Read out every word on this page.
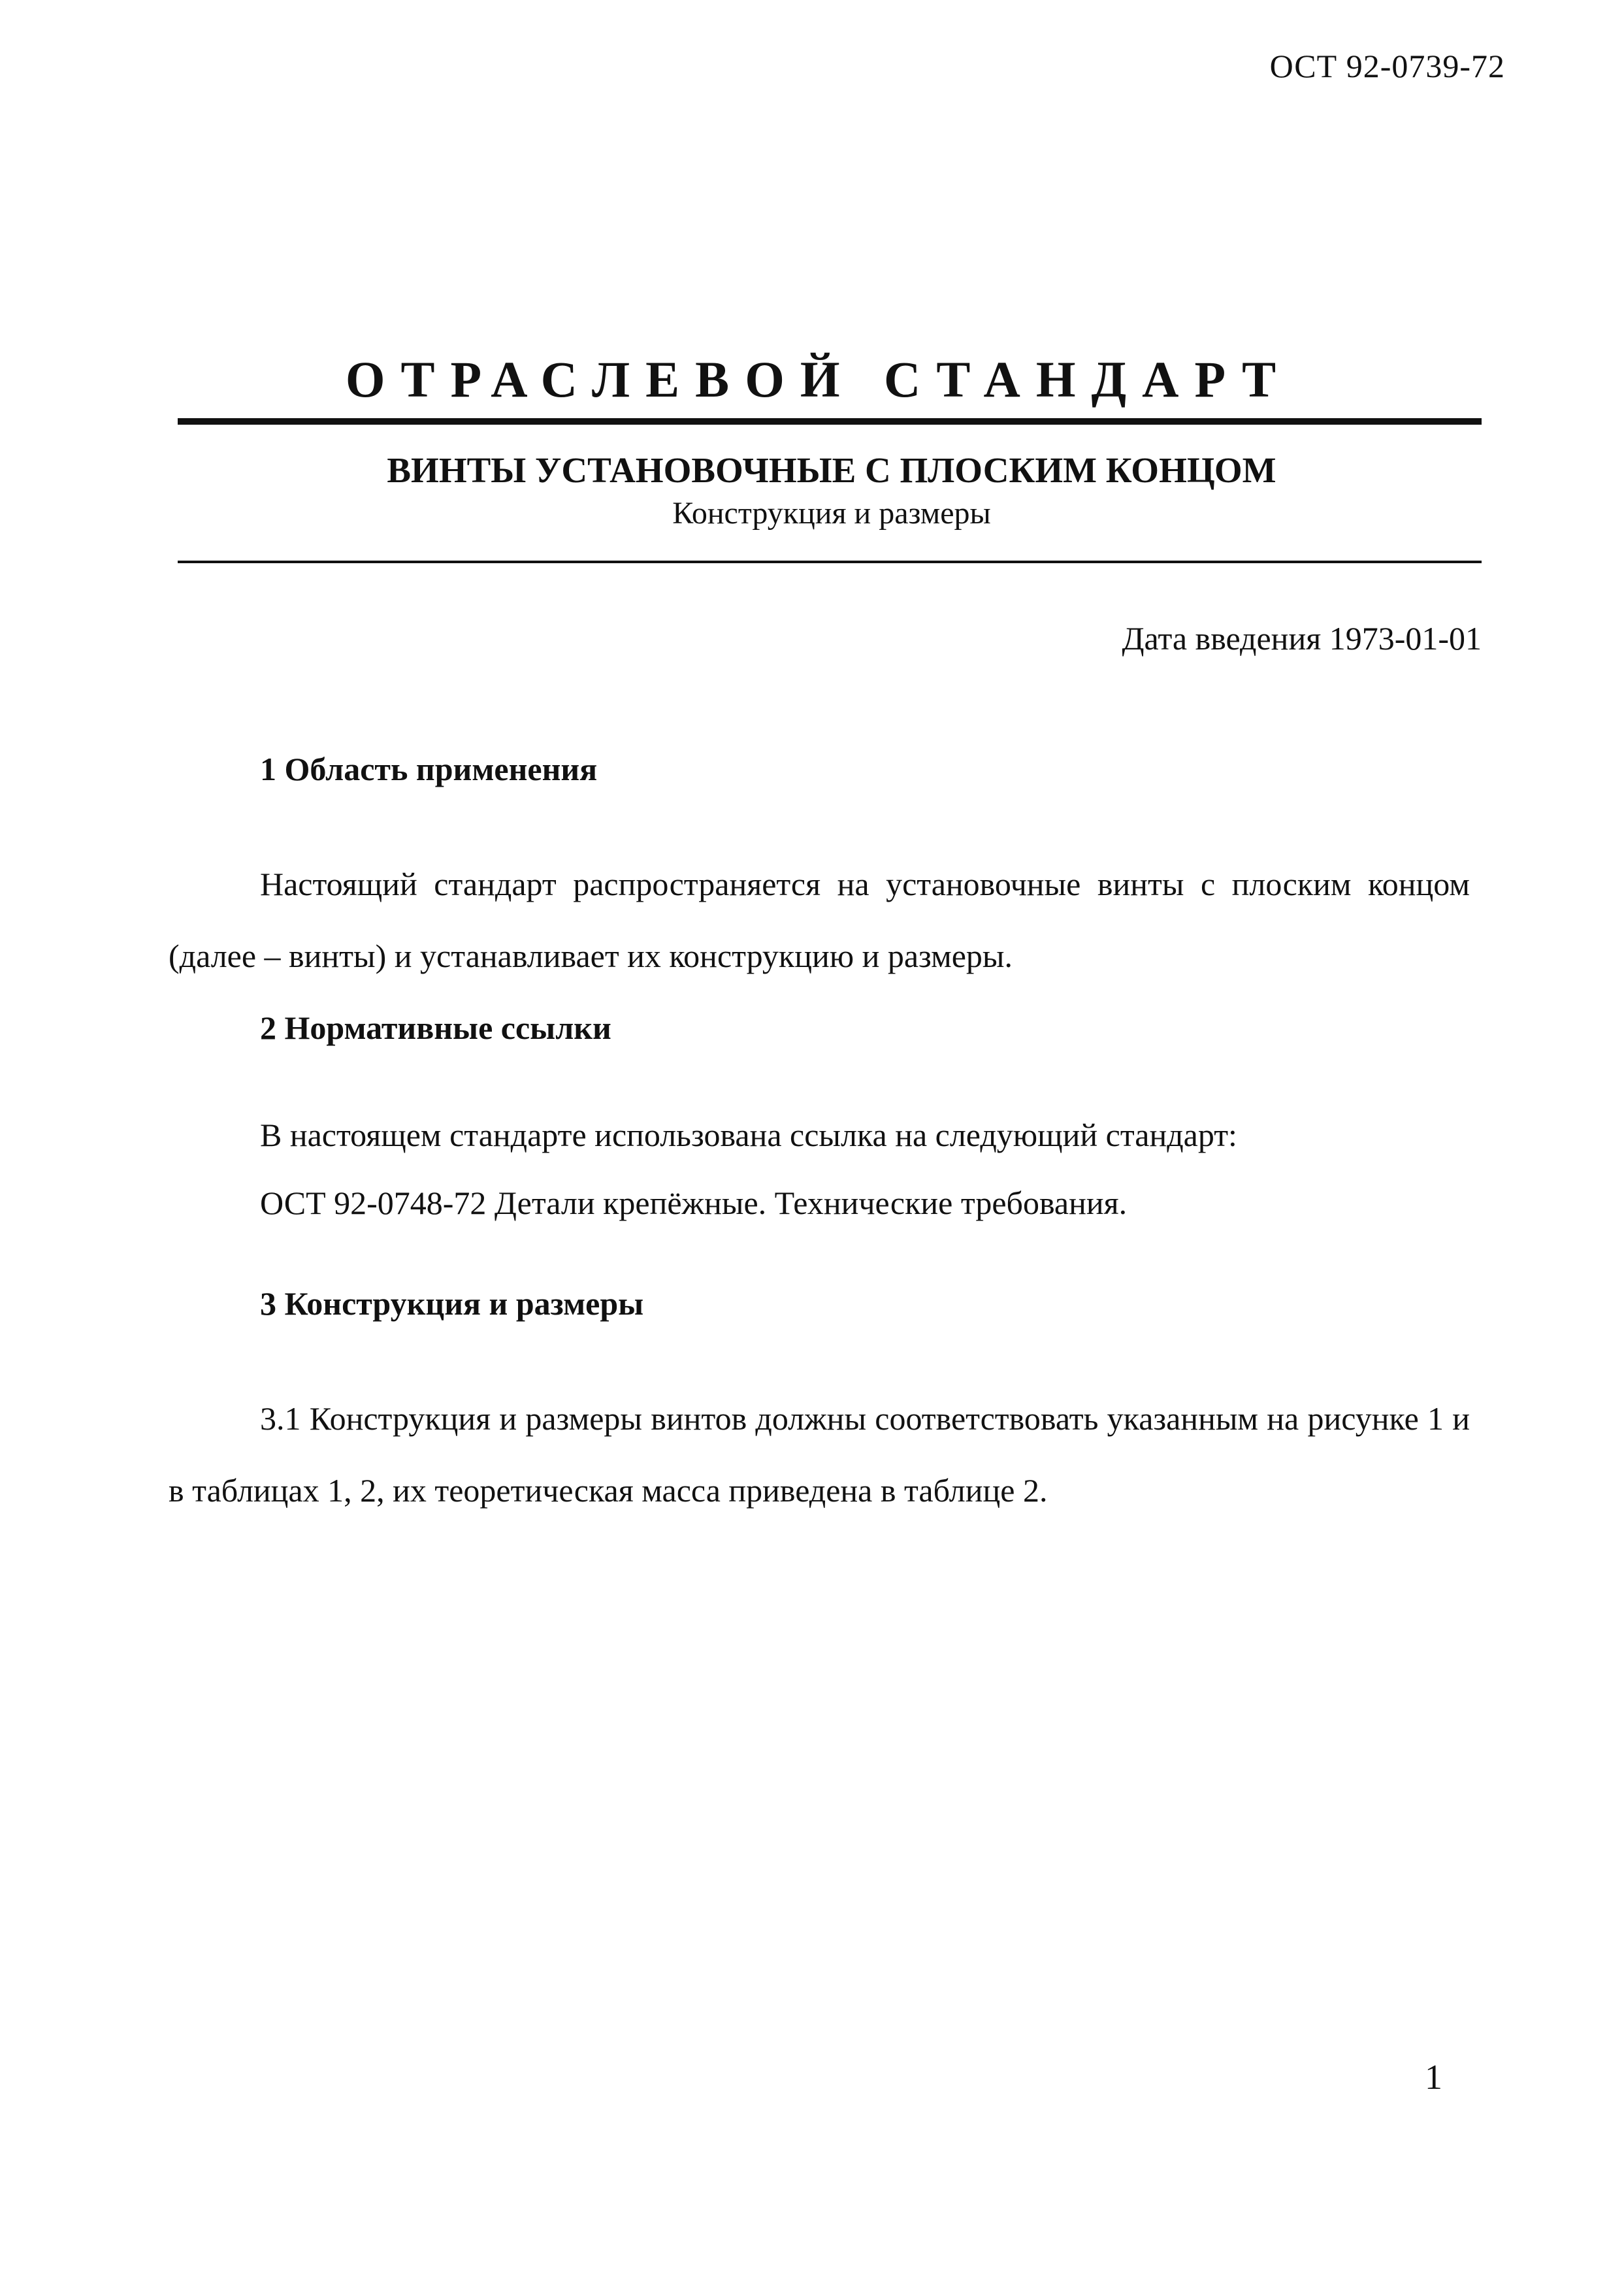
ОСТ 92-0739-72
ОТРАСЛЕВОЙ СТАНДАРТ
ВИНТЫ УСТАНОВОЧНЫЕ С ПЛОСКИМ КОНЦОМ
Конструкция и размеры
Дата введения 1973-01-01
1 Область применения
Настоящий стандарт распространяется на установочные винты с плоским концом (далее – винты) и устанавливает их конструкцию и размеры.
2 Нормативные ссылки
В настоящем стандарте использована ссылка на следующий стандарт:
ОСТ 92-0748-72 Детали крепёжные. Технические требования.
3 Конструкция и размеры
3.1 Конструкция и размеры винтов должны соответствовать указанным на рисунке 1 и в таблицах 1, 2, их теоретическая масса приведена в таблице 2.
1
